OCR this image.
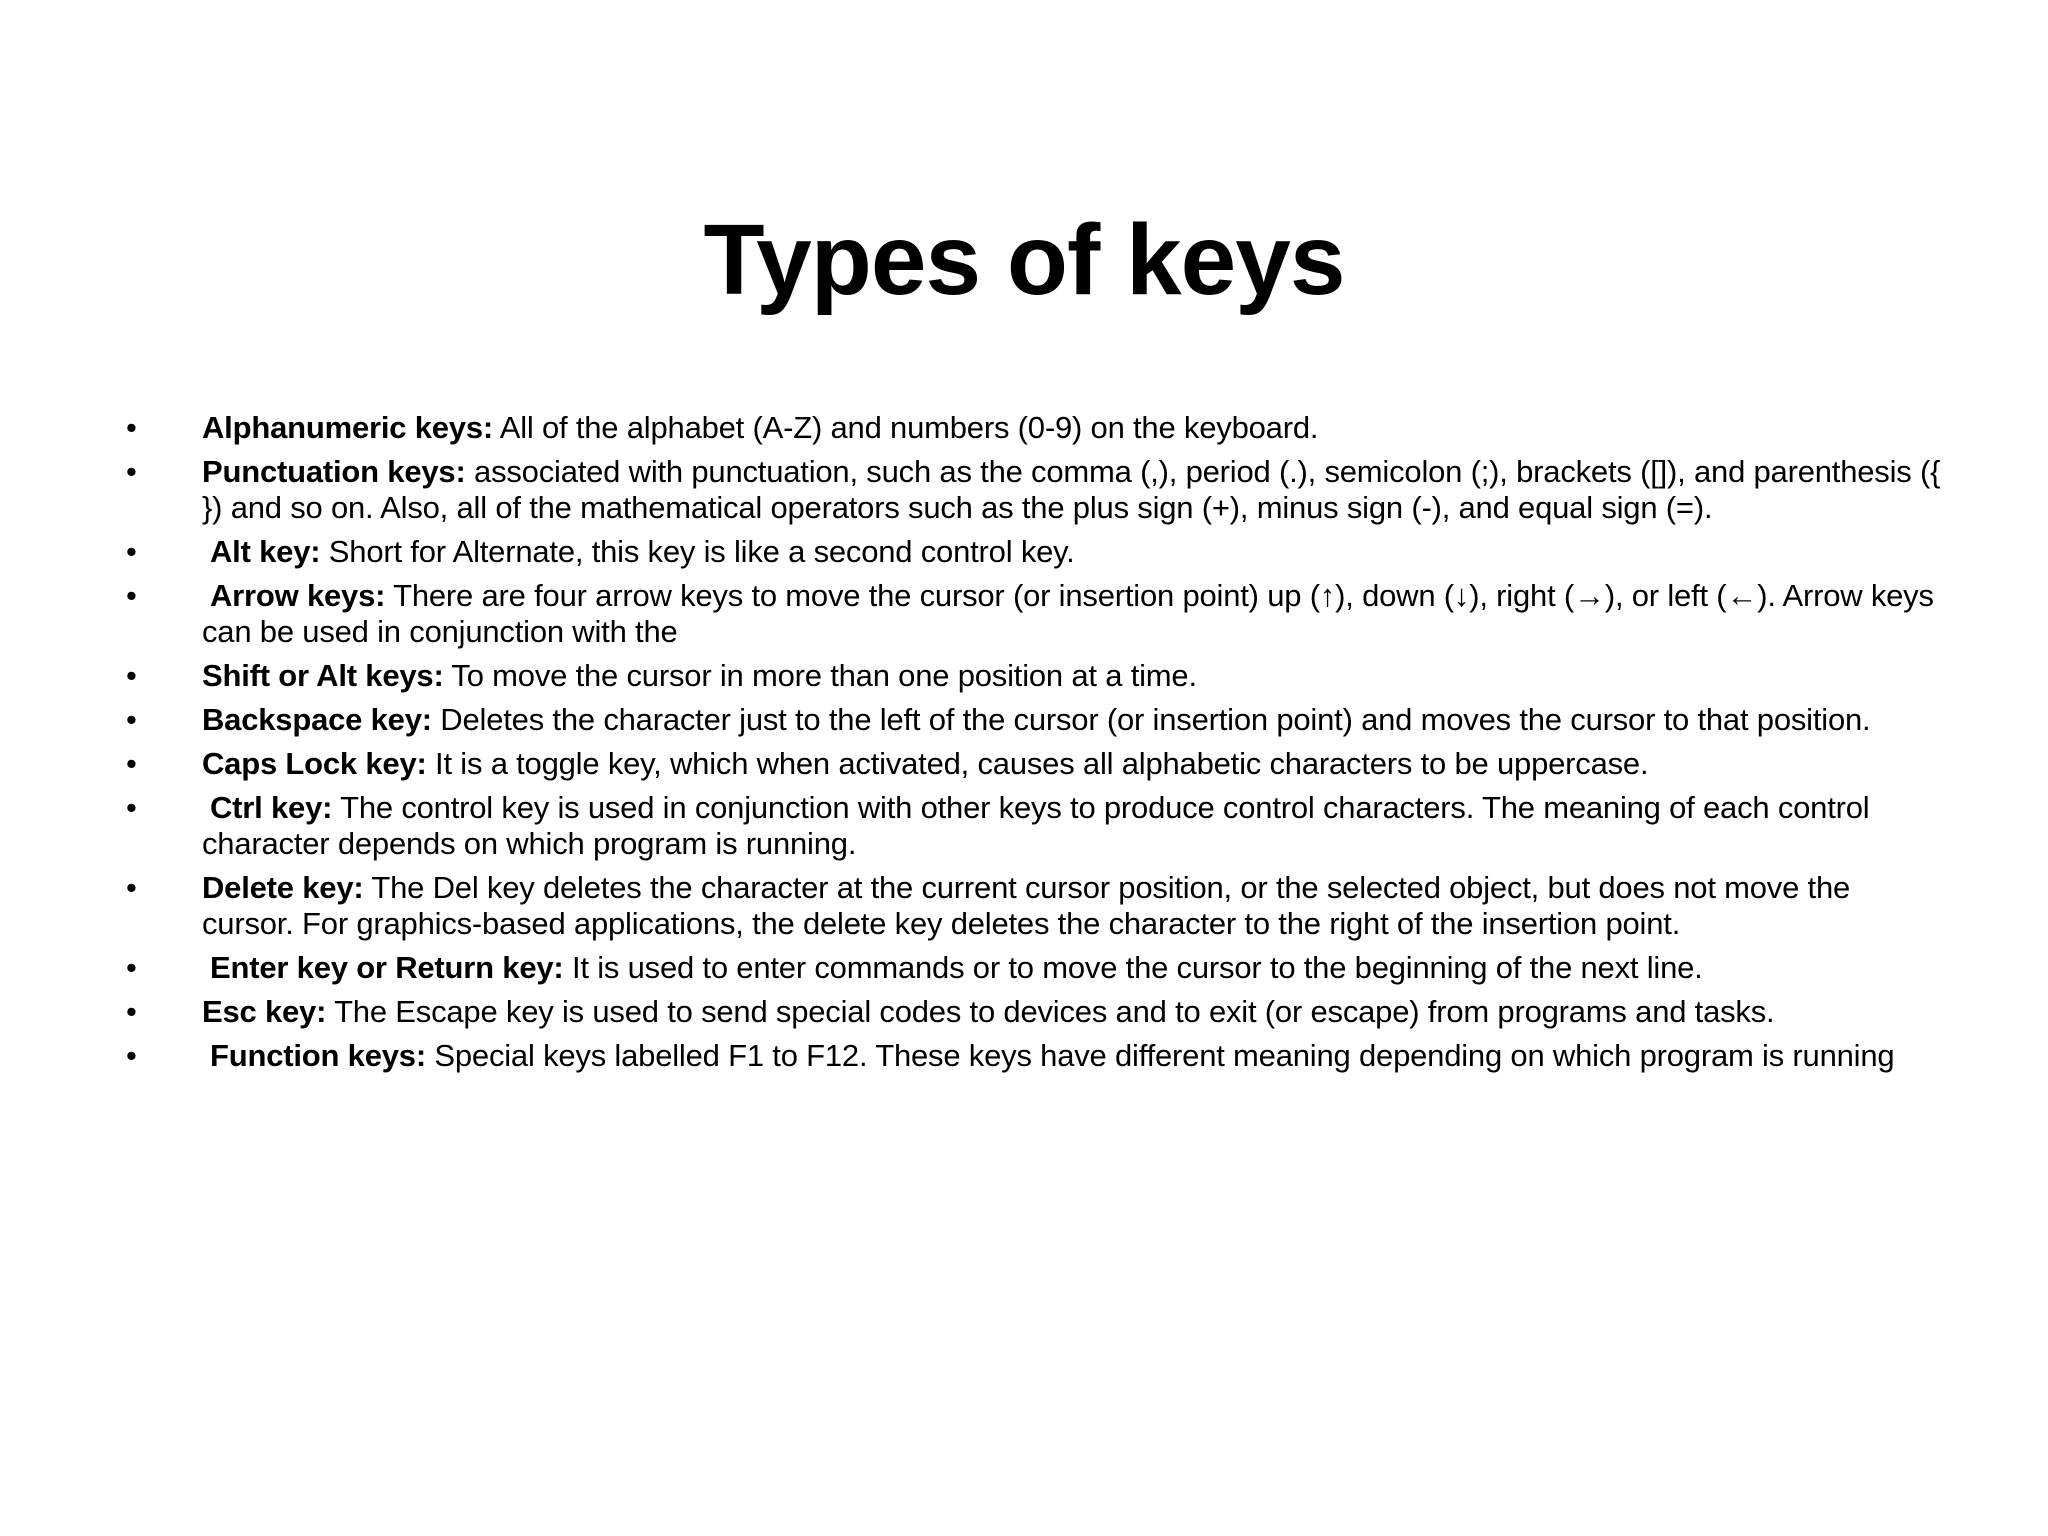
Types of keys
• Alphanumeric keys: All of the alphabet (A-Z) and numbers (0-9) on the keyboard.
• Punctuation keys: associated with punctuation, such as the comma (,), period (.), semicolon (;), brackets ([]), and parenthesis ({ }) and so on. Also, all of the mathematical operators such as the plus sign (+), minus sign (-), and equal sign (=).
• Alt key: Short for Alternate, this key is like a second control key.
• Arrow keys: There are four arrow keys to move the cursor (or insertion point) up (↑), down (↓), right (→), or left (←). Arrow keys can be used in conjunction with the
• Shift or Alt keys: To move the cursor in more than one position at a time.
• Backspace key: Deletes the character just to the left of the cursor (or insertion point) and moves the cursor to that position.
• Caps Lock key: It is a toggle key, which when activated, causes all alphabetic characters to be uppercase.
• Ctrl key: The control key is used in conjunction with other keys to produce control characters. The meaning of each control character depends on which program is running.
• Delete key: The Del key deletes the character at the current cursor position, or the selected object, but does not move the cursor. For graphics-based applications, the delete key deletes the character to the right of the insertion point.
• Enter key or Return key: It is used to enter commands or to move the cursor to the beginning of the next line.
• Esc key: The Escape key is used to send special codes to devices and to exit (or escape) from programs and tasks.
• Function keys: Special keys labelled F1 to F12. These keys have different meaning depending on which program is running
